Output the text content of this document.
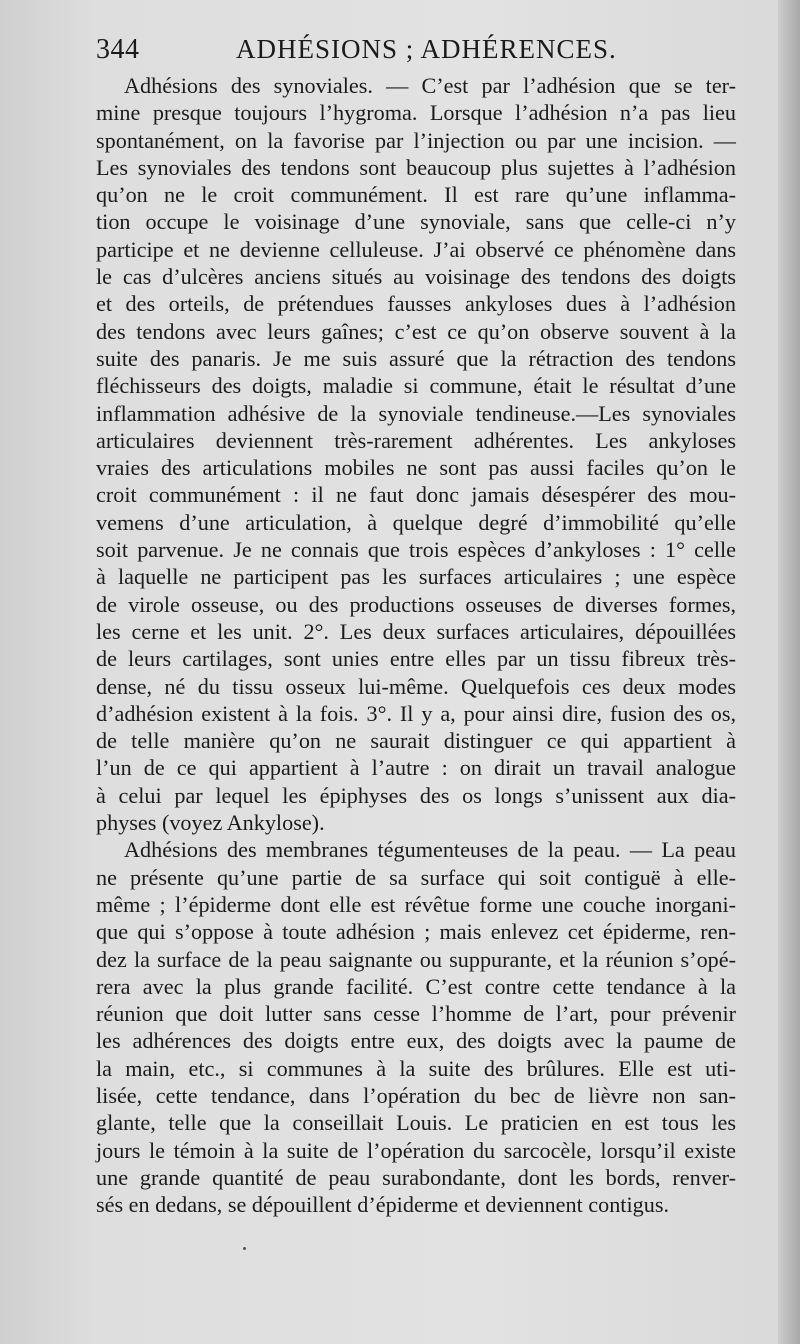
344	ADHÉSIONS ; ADHÉRENCES.
Adhésions des synoviales. — C’est par l’adhésion que se ter-
mine presque toujours l’hygroma. Lorsque l’adhésion n’a pas lieu
spontanément, on la favorise par l’injection ou par une incision. —
Les synoviales des tendons sont beaucoup plus sujettes à l’adhésion
qu’on ne le croit communément. Il est rare qu’une inflamma-
tion occupe le voisinage d’une synoviale, sans que celle-ci n’y
participe et ne devienne celluleuse. J’ai observé ce phénomène dans
le cas d’ulcères anciens situés au voisinage des tendons des doigts
et des orteils, de prétendues fausses ankyloses dues à l’adhésion
des tendons avec leurs gaînes; c’est ce qu’on observe souvent à la
suite des panaris. Je me suis assuré que la rétraction des tendons
fléchisseurs des doigts, maladie si commune, était le résultat d’une
inflammation adhésive de la synoviale tendineuse.—Les synoviales
articulaires deviennent très-rarement adhérentes. Les ankyloses
vraies des articulations mobiles ne sont pas aussi faciles qu’on le
croit communément : il ne faut donc jamais désespérer des mou-
vemens d’une articulation, à quelque degré d’immobilité qu’elle
soit parvenue. Je ne connais que trois espèces d’ankyloses : 1° celle
à laquelle ne participent pas les surfaces articulaires ; une espèce
de virole osseuse, ou des productions osseuses de diverses formes,
les cerne et les unit. 2°. Les deux surfaces articulaires, dépouillées
de leurs cartilages, sont unies entre elles par un tissu fibreux très-
dense, né du tissu osseux lui-même. Quelquefois ces deux modes
d’adhésion existent à la fois. 3°. Il y a, pour ainsi dire, fusion des os,
de telle manière qu’on ne saurait distinguer ce qui appartient à
l’un de ce qui appartient à l’autre : on dirait un travail analogue
à celui par lequel les épiphyses des os longs s’unissent aux dia-
physes (voyez Ankylose).
Adhésions des membranes tégumenteuses de la peau. — La peau
ne présente qu’une partie de sa surface qui soit contiguë à elle-
même ; l’épiderme dont elle est révêtue forme une couche inorgani-
que qui s’oppose à toute adhésion ; mais enlevez cet épiderme, ren-
dez la surface de la peau saignante ou suppurante, et la réunion s’opé-
rera avec la plus grande facilité. C’est contre cette tendance à la
réunion que doit lutter sans cesse l’homme de l’art, pour prévenir
les adhérences des doigts entre eux, des doigts avec la paume de
la main, etc., si communes à la suite des brûlures. Elle est uti-
lisée, cette tendance, dans l’opération du bec de lièvre non san-
glante, telle que la conseillait Louis. Le praticien en est tous les
jours le témoin à la suite de l’opération du sarcocèle, lorsqu’il existe
une grande quantité de peau surabondante, dont les bords, renver-
sés en dedans, se dépouillent d’épiderme et deviennent contigus.
